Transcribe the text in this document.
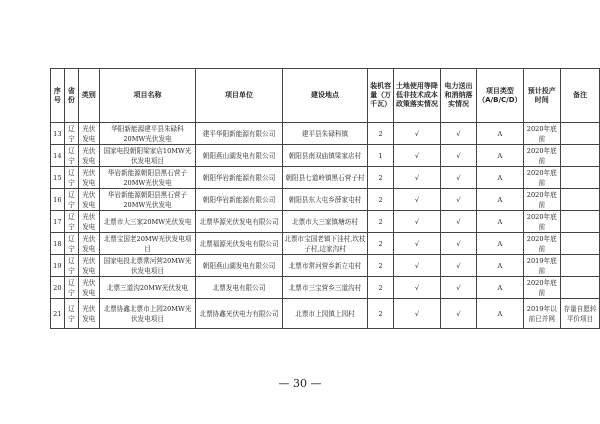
序号	省份	类别	项目名称	项目单位	建设地点	装机容量（万千瓦）	土地使用等降低非技术成本政策落实情况	电力送出和消纳落实情况	项目类型（A/B/C/D）	预计投产时间	备注
13	辽宁	光伏发电	华阳新能源建平县朱碌科20MW光伏发电	建平华阳新能源有限公司	建平县朱碌科镇	2	√	√	A	2020年底前	
14	辽宁	光伏发电	国家电投朝阳梁家店10MW光伏发电项目	朝阳燕山湖发电有限公司	朝阳县南双庙镇梁家店村	1	√	√	A	2020年底前	
15	辽宁	光伏发电	华岩新能源朝阳县黑石营子20MW光伏发电	朝阳华岩新能源有限公司	朝阳县七道岭镇黑石营子村	2	√	√	A	2020年底前	
16	辽宁	光伏发电	华岩新能源朝阳县黑石营子20MW光伏发电	朝阳华岩新能源有限公司	朝阳县东大屯乡薛家屯村	2	√	√	A	2020年底前	
17	辽宁	光伏发电	北票市大三家20MW光伏发电	北票华源光伏发电有限公司	北票市大三家镇塘坊村	2	√	√	A	2020年底前	
18	辽宁	光伏发电	北票宝国老20MW光伏发电项目	北票福源光伏发电有限公司	北票市宝国老镇下洼村,坎杖子村,边家沟村	2	√	√	A	2020年底前	
19	辽宁	光伏发电	国家电投北票常河营20MW光伏发电项目	朝阳燕山湖发电有限公司	北票市常河营乡新立屯村	2	√	√	A	2019年底前	
20	辽宁	光伏发电	北票三道沟20MW光伏发电	北票发电有限公司	北票市三宝营乡三道沟村	2	√	√	A	2020年底前	
21	辽宁	光伏发电	北票协鑫北票市上园20MW光伏发电项目	北票协鑫光伏电力有限公司	北票市上园镇上园村	2	√	√	A	2019年以前已并网	存量自愿转平价项目
— 30 —
